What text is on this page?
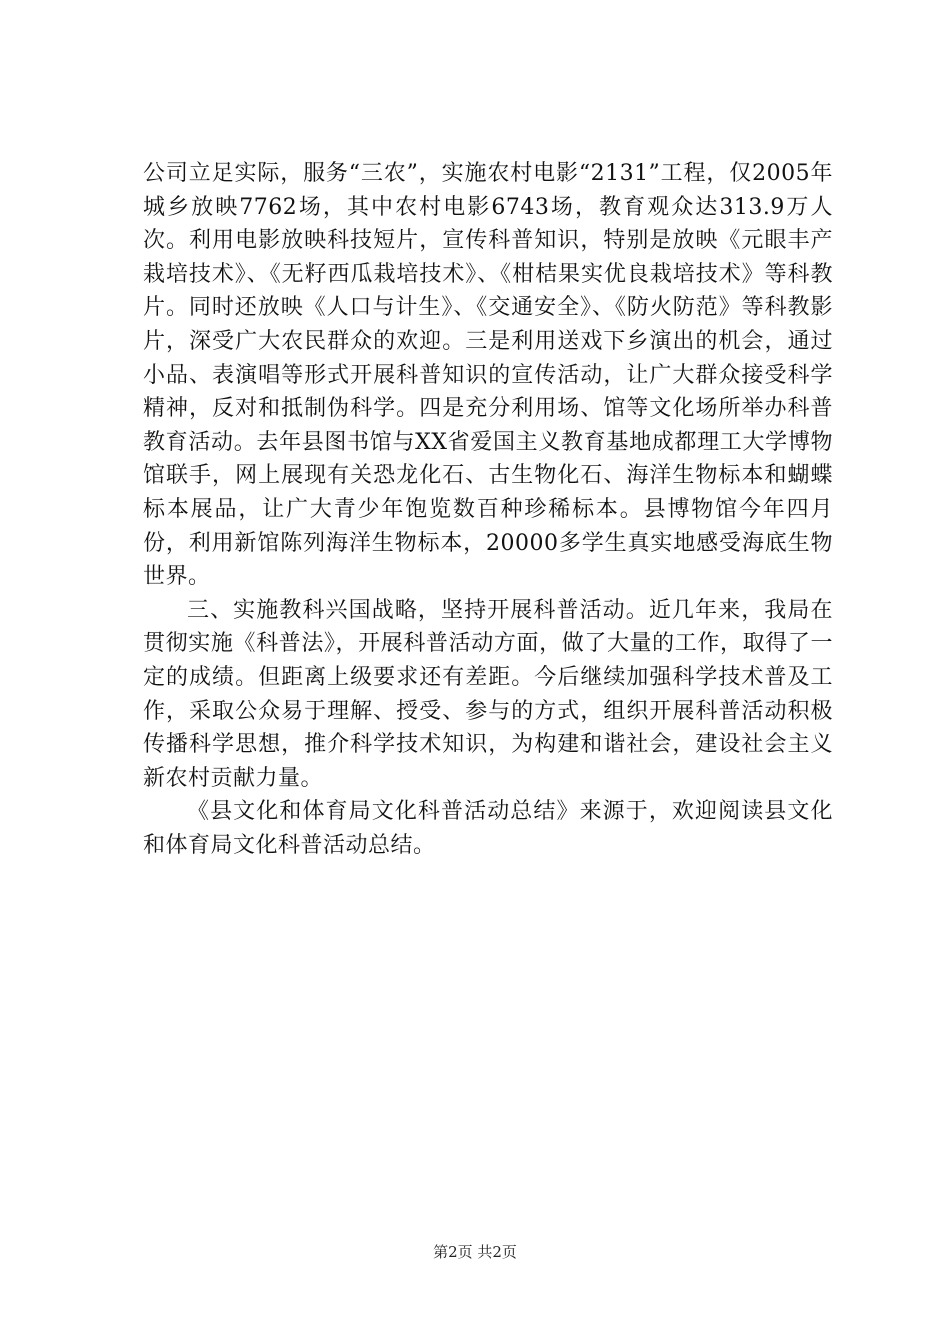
公司立足实际，服务“三农”，实施农村电影“2131”工程，仅2005年城乡放映7762场，其中农村电影6743场，教育观众达313.9万人次。利用电影放映科技短片，宣传科普知识，特别是放映《元眼丰产栽培技术》、《无籽西瓜栽培技术》、《柑桔果实优良栽培技术》等科教片。同时还放映《人口与计生》、《交通安全》、《防火防范》等科教影片，深受广大农民群众的欢迎。三是利用送戏下乡演出的机会，通过小品、表演唱等形式开展科普知识的宣传活动，让广大群众接受科学精神，反对和抵制伪科学。四是充分利用场、馆等文化场所举办科普教育活动。去年县图书馆与XX省爱国主义教育基地成都理工大学博物馆联手，网上展现有关恐龙化石、古生物化石、海洋生物标本和蝴蝶标本展品，让广大青少年饱览数百种珍稀标本。县博物馆今年四月份，利用新馆陈列海洋生物标本，20000多学生真实地感受海底生物世界。

三、实施教科兴国战略，坚持开展科普活动。近几年来，我局在贯彻实施《科普法》，开展科普活动方面，做了大量的工作，取得了一定的成绩。但距离上级要求还有差距。今后继续加强科学技术普及工作，采取公众易于理解、授受、参与的方式，组织开展科普活动积极传播科学思想，推介科学技术知识，为构建和谐社会，建设社会主义新农村贡献力量。

《县文化和体育局文化科普活动总结》来源于，欢迎阅读县文化和体育局文化科普活动总结。

第2页 共2页
